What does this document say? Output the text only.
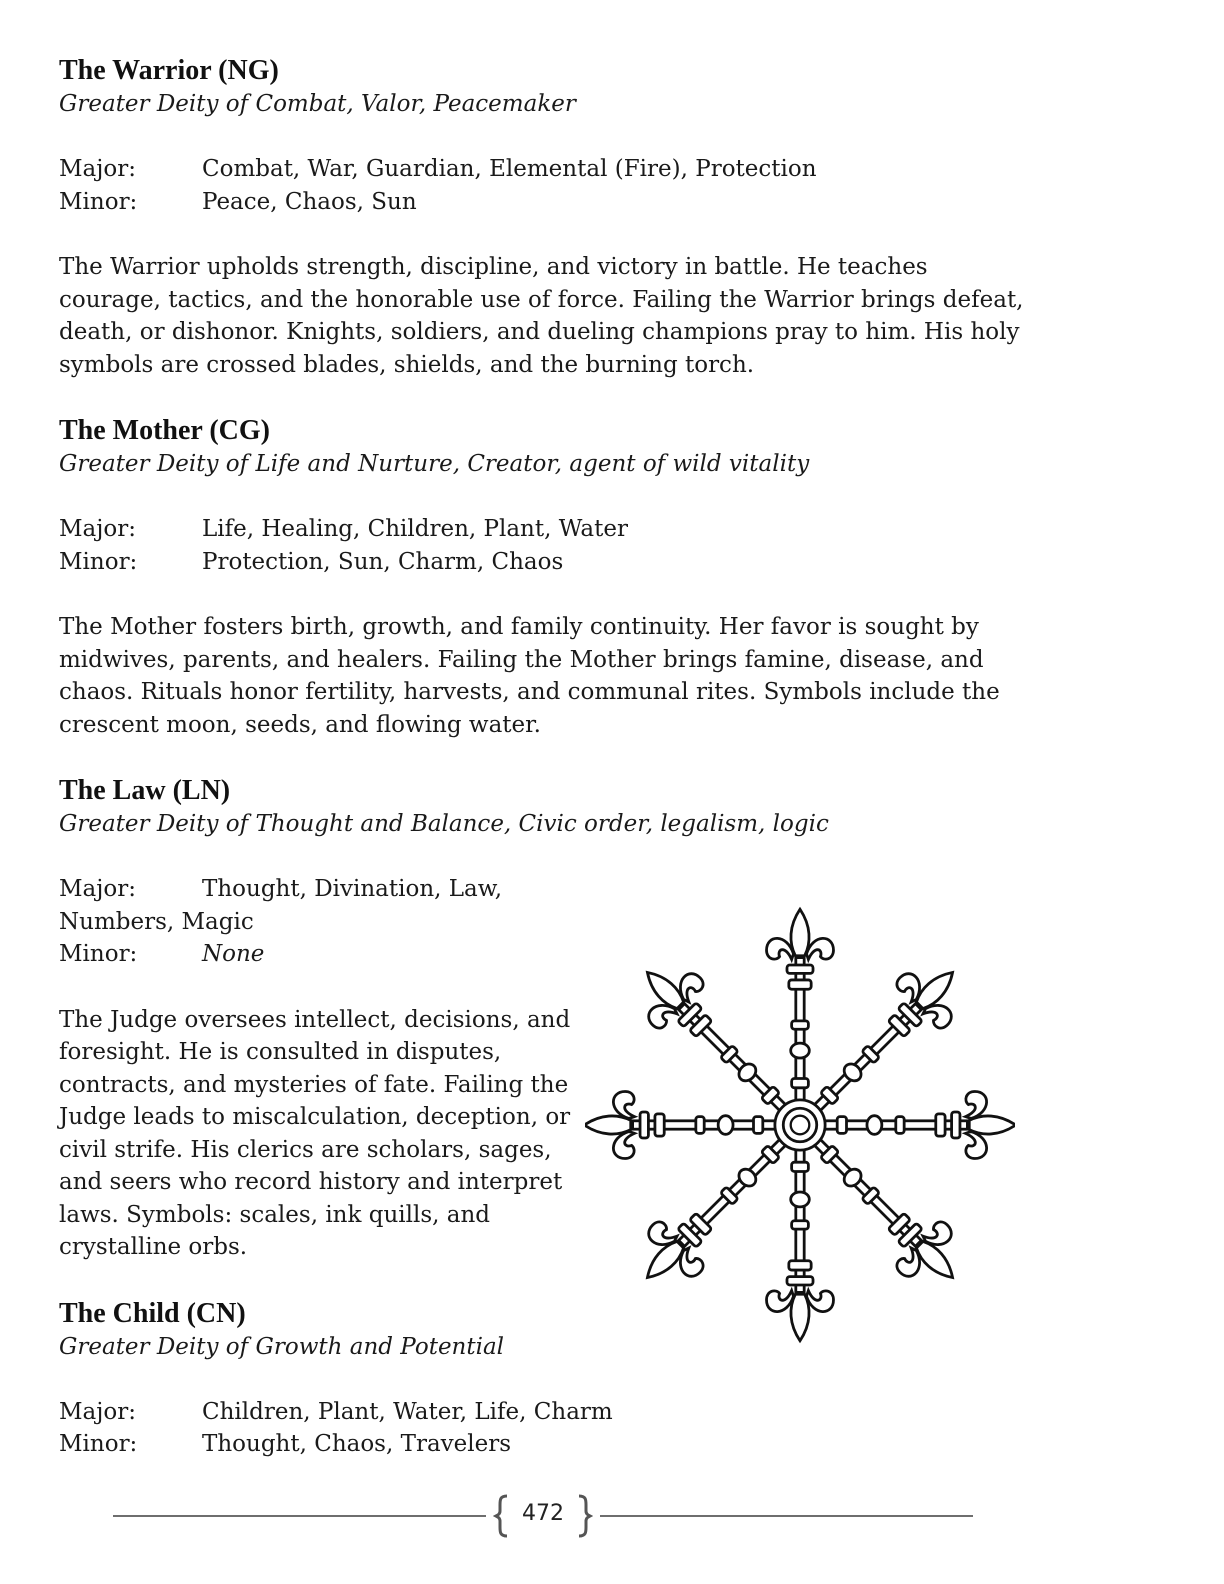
The Warrior (NG)

Greater Deity of Combat, Valor, Peacemaker

Major:	Combat, War, Guardian, Elemental (Fire), Protection
Minor:	Peace, Chaos, Sun
The Warrior upholds strength, discipline, and victory in battle. He teaches
courage, tactics, and the honorable use of force. Failing the Warrior brings defeat,
death, or dishonor. Knights, soldiers, and dueling champions pray to him. His holy
symbols are crossed blades, shields, and the burning torch.

The Mother (CG)

Greater Deity of Life and Nurture, Creator, agent of wild vitality

Major:	Life, Healing, Children, Plant, Water
Minor:	Protection, Sun, Charm, Chaos
The Mother fosters birth, growth, and family continuity. Her favor is sought by
midwives, parents, and healers. Failing the Mother brings famine, disease, and
chaos. Rituals honor fertility, harvests, and communal rites. Symbols include the
crescent moon, seeds, and flowing water.

The Law (LN)

Greater Deity of Thought and Balance, Civic order, legalism, logic

Major:	Thought, Divination, Law,
Numbers, Magic
Minor:	None
The Judge oversees intellect, decisions, and
foresight. He is consulted in disputes,
contracts, and mysteries of fate. Failing the
Judge leads to miscalculation, deception, or
civil strife. His clerics are scholars, sages,
and seers who record history and interpret
laws. Symbols: scales, ink quills, and
crystalline orbs.

The Child (CN)

Greater Deity of Growth and Potential

Major:	Children, Plant, Water, Life, Charm
Minor:	Thought, Chaos, Travelers
472
